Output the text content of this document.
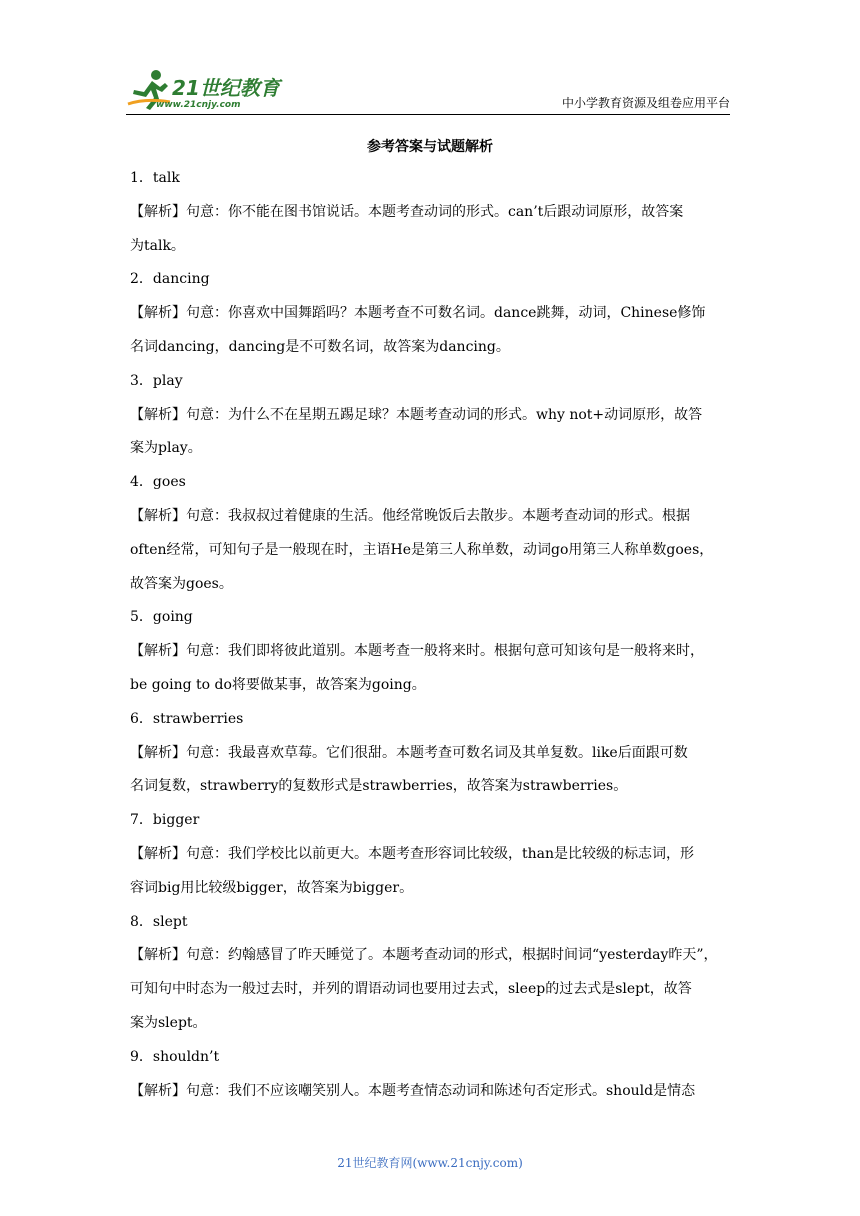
21世纪教育
www.21cnjy.com	中小学教育资源及组卷应用平台
参考答案与试题解析
1． talk
【解析】句意：你不能在图书馆说话。本题考查动词的形式。can’t后跟动词原形，故答案
为talk。
2． dancing
【解析】句意：你喜欢中国舞蹈吗？本题考查不可数名词。dance跳舞，动词，Chinese修饰
名词dancing，dancing是不可数名词，故答案为dancing。
3． play
【解析】句意：为什么不在星期五踢足球？本题考查动词的形式。why not+动词原形，故答
案为play。
4． goes
【解析】句意：我叔叔过着健康的生活。他经常晚饭后去散步。本题考查动词的形式。根据
often经常，可知句子是一般现在时，主语He是第三人称单数，动词go用第三人称单数goes，
故答案为goes。
5． going
【解析】句意：我们即将彼此道别。本题考查一般将来时。根据句意可知该句是一般将来时，
be going to do将要做某事，故答案为going。
6． strawberries
【解析】句意：我最喜欢草莓。它们很甜。本题考查可数名词及其单复数。like后面跟可数
名词复数，strawberry的复数形式是strawberries，故答案为strawberries。
7． bigger
【解析】句意：我们学校比以前更大。本题考查形容词比较级，than是比较级的标志词，形
容词big用比较级bigger，故答案为bigger。
8． slept
【解析】句意：约翰感冒了昨天睡觉了。本题考查动词的形式，根据时间词“yesterday昨天”，
可知句中时态为一般过去时，并列的谓语动词也要用过去式，sleep的过去式是slept，故答
案为slept。
9． shouldn’t
【解析】句意：我们不应该嘲笑别人。本题考查情态动词和陈述句否定形式。should是情态
21世纪教育网(www.21cnjy.com)
